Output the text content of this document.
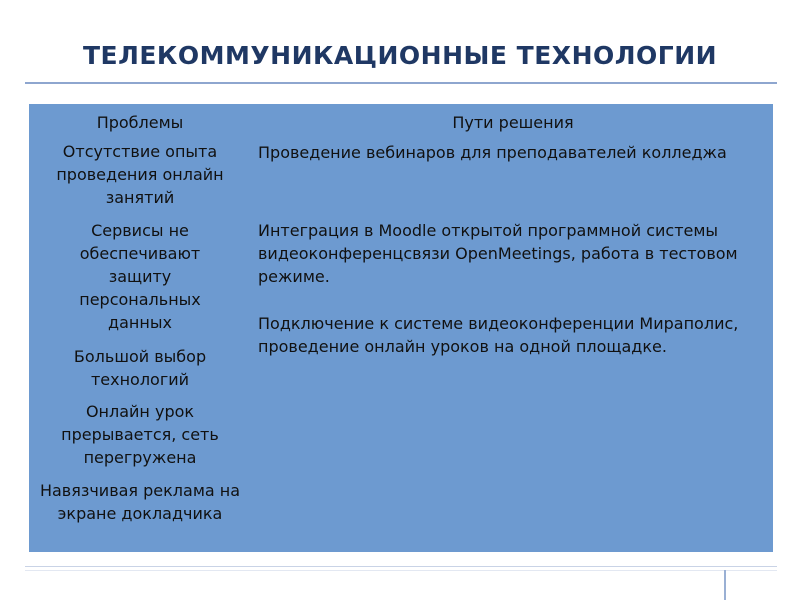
ТЕЛЕКОММУНИКАЦИОННЫЕ ТЕХНОЛОГИИ
Проблемы
Отсутствие опыта проведения онлайн занятий
Сервисы не обеспечивают защиту персональных данных
Большой выбор технологий
Онлайн урок прерывается, сеть перегружена
Навязчивая реклама на экране докладчика
Пути решения
Проведение вебинаров для преподавателей колледжа
Интеграция в Moodle открытой программной системы видеоконференцсвязи OpenMeetings, работа в тестовом режиме.
Подключение к системе видеоконференции Мираполис, проведение онлайн уроков на одной площадке.
